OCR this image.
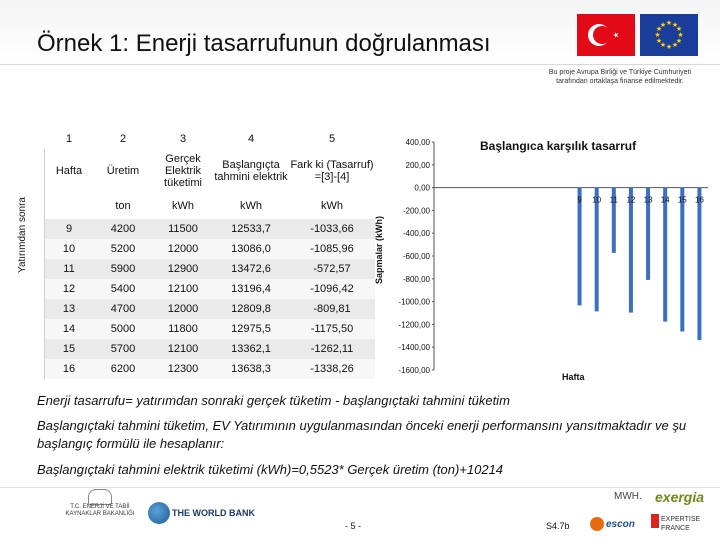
Örnek 1: Enerji tasarrufunun doğrulanması
★ ★
★
★
★
★
★
★
★
★
★
★
Bu proje Avrupa Birliği ve Türkiye Cumhuriyeti
tarafından ortaklaşa finanse edilmektedir.
Yatırımdan sonra
1	2	3	4	5
Hafta	Üretim	Gerçek Elektrik tüketimi	Başlangıçta tahmini elektrik	Fark ki (Tasarruf) =[3]-[4]
	ton	kWh	kWh	kWh
9	4200	11500	12533,7	-1033,66
10	5200	12000	13086,0	-1085,96
11	5900	12900	13472,6	-572,57
12	5400	12100	13196,4	-1096,42
13	4700	12000	12809,8	-809,81
14	5000	11800	12975,5	-1175,50
15	5700	12100	13362,1	-1262,11
16	6200	12300	13638,3	-1338,26
400,00
200,00
0,00
-200,00
-400,00
-600,00
-800,00
-1000,00
-1200,00
-1400,00
-1600,00
9 10 11 12 13 14 15 16
Başlangıca karşılık tasarruf
Hafta
Sapmalar (kWh)
Enerji tasarrufu= yatırımdan sonraki gerçek tüketim - başlangıçtaki tahmini tüketim
Başlangıçtaki tahmini tüketim, EV Yatırımının uygulanmasından önceki enerji performansını yansıtmaktadır ve şu başlangıç formülü ile hesaplanır:
Başlangıçtaki tahmini elektrik tüketimi (kWh)=0,5523* Gerçek üretim (ton)+10214
T.C. ENERJİ VE TABİİ KAYNAKLAR BAKANLIĞI	THE WORLD BANK
- 5 -	S4.7b
MWH. exergia
escon	EXPERTISE FRANCE
